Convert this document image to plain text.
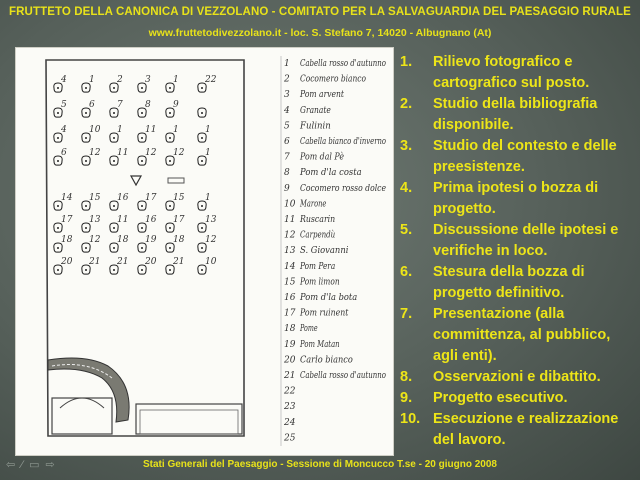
FRUTTETO DELLA CANONICA DI VEZZOLANO - COMITATO PER LA SALVAGUARDIA DEL PAESAGGIO RURALE
www.fruttetodivezzolano.it - loc. S. Stefano 7, 14020 - Albugnano (At)
4 1 2 3 1	22
5 6 7 8 9
4 10 1 11 1	1
6 12 11 12 12 1
14 15 16 17 15 1
17 13 11 16 17 13
18 12 18 19 18 12
20 21 21 20 21 10
1 Cabella rosso d'autunno
2 Cocomero bianco
3 Pom arvent
4 Granate
5 Fulinin
6 Cabella bianco d'inverno
7 Pom dal Pè
8 Pom d'la costa
9 Cocomero rosso dolce
10 Marone
11 Ruscarin
12 Carpendù
13 S. Giovanni
14 Pom Pera
15 Pom limon
16 Pom d'la bota
17 Pom ruinent
18 Pome
19 Pom Matan
20 Carlo bianco
21 Cabella rosso d'autunno
22
23
24
25
1. Rilievo fotografico e cartografico sul posto.
2. Studio della bibliografia disponibile.
3. Studio del contesto e delle preesistenze.
4. Prima ipotesi o bozza di progetto.
5. Discussione delle ipotesi e verifiche in loco.
6. Stesura della bozza di progetto definitivo.
7. Presentazione (alla committenza, al pubblico, agli enti).
8. Osservazioni e dibattito.
9. Progetto esecutivo.
10. Esecuzione e realizzazione del lavoro.
Stati Generali del Paesaggio - Sessione di Moncucco T.se - 20 giugno 2008
⇦ ∕ ▭ ⇨
